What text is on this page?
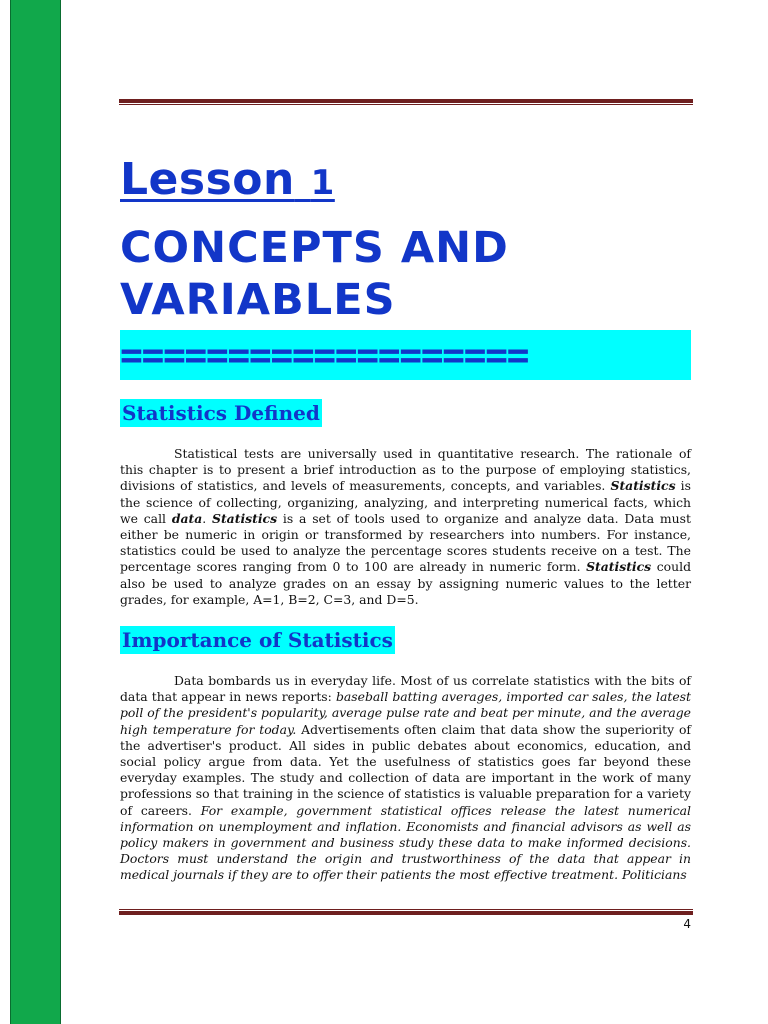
Lesson 1
CONCEPTS AND
VARIABLES
===================
Statistics Defined

Statistical tests are universally used in quantitative research. The rationale of this chapter is to present a brief introduction as to the purpose of employing statistics, divisions of statistics, and levels of measurements, concepts, and variables. Statistics is the science of collecting, organizing, analyzing, and interpreting numerical facts, which we call data. Statistics is a set of tools used to organize and analyze data. Data must either be numeric in origin or transformed by researchers into numbers. For instance, statistics could be used to analyze the percentage scores students receive on a test. The percentage scores ranging from 0 to 100 are already in numeric form. Statistics could also be used to analyze grades on an essay by assigning numeric values to the letter grades, for example, A=1, B=2, C=3, and D=5.

Importance of Statistics

Data bombards us in everyday life. Most of us correlate statistics with the bits of data that appear in news reports: baseball batting averages, imported car sales, the latest poll of the president's popularity, average pulse rate and beat per minute, and the average high temperature for today. Advertisements often claim that data show the superiority of the advertiser's product. All sides in public debates about economics, education, and social policy argue from data. Yet the usefulness of statistics goes far beyond these everyday examples. The study and collection of data are important in the work of many professions so that training in the science of statistics is valuable preparation for a variety of careers. For example, government statistical offices release the latest numerical information on unemployment and inflation. Economists and financial advisors as well as policy makers in government and business study these data to make informed decisions. Doctors must understand the origin and trustworthiness of the data that appear in medical journals if they are to offer their patients the most effective treatment. Politicians

4
